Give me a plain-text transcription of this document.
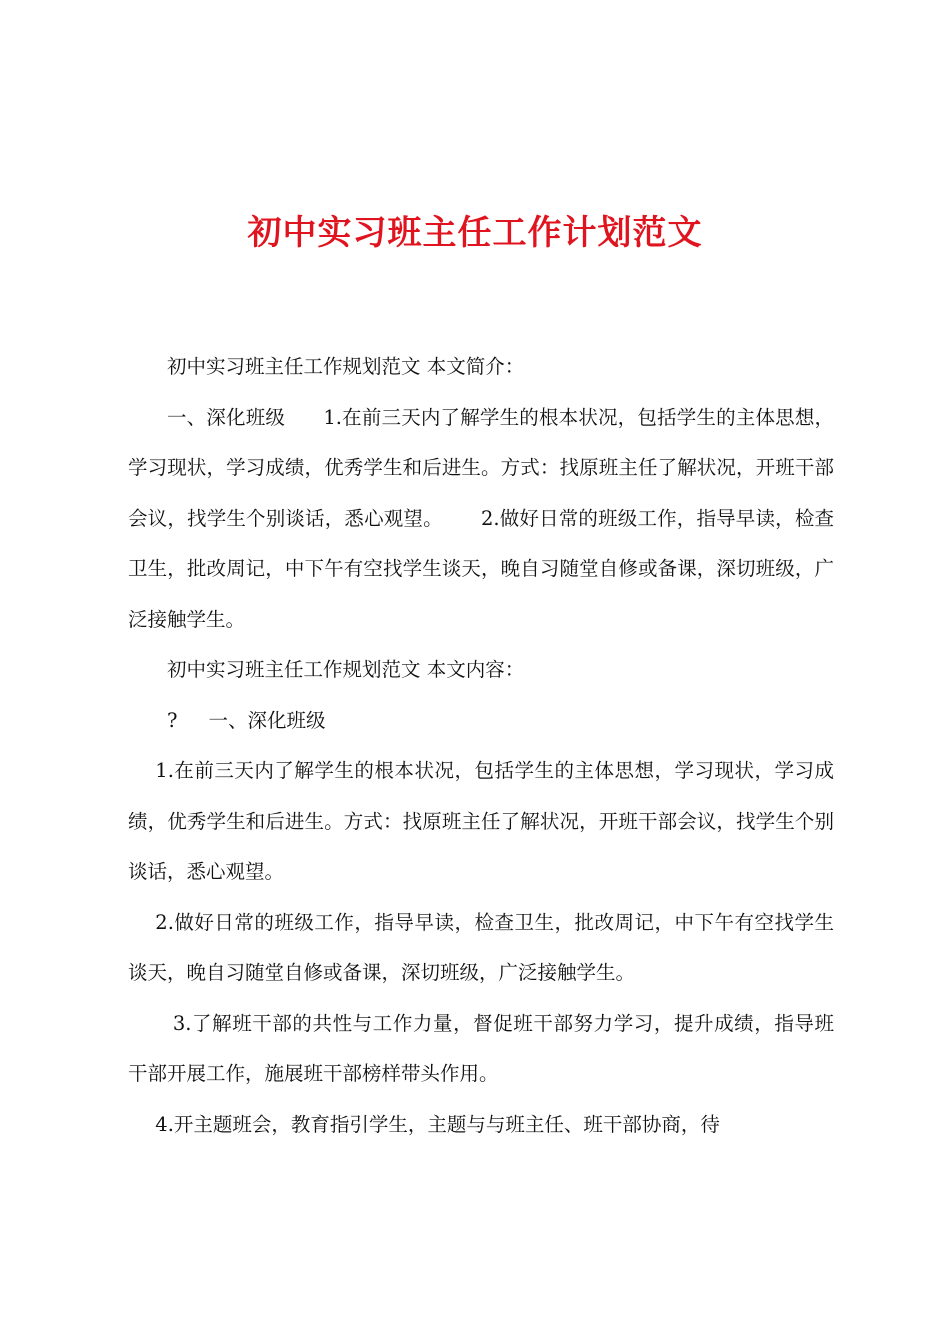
初中实习班主任工作计划范文

初中实习班主任工作规划范文 本文简介：

一、深化班级      1.在前三天内了解学生的根本状况，包括学生的主体思想，学习现状，学习成绩，优秀学生和后进生。方式：找原班主任了解状况，开班干部会议，找学生个别谈话，悉心观望。      2.做好日常的班级工作，指导早读，检查卫生，批改周记，中下午有空找学生谈天，晚自习随堂自修或备课，深切班级，广泛接触学生。

初中实习班主任工作规划范文 本文内容：

?     一、深化班级

1.在前三天内了解学生的根本状况，包括学生的主体思想，学习现状，学习成绩，优秀学生和后进生。方式：找原班主任了解状况，开班干部会议，找学生个别谈话，悉心观望。

2.做好日常的班级工作，指导早读，检查卫生，批改周记，中下午有空找学生谈天，晚自习随堂自修或备课，深切班级，广泛接触学生。

3.了解班干部的共性与工作力量，督促班干部努力学习，提升成绩，指导班干部开展工作，施展班干部榜样带头作用。

4.开主题班会，教育指引学生，主题与与班主任、班干部协商，待
